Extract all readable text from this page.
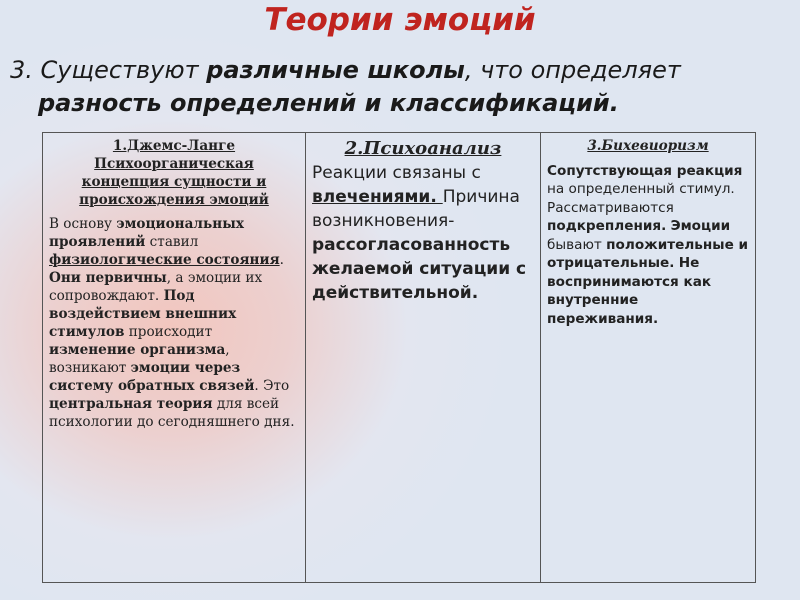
Теории эмоций
3. Существуют различные школы, что определяет
разность определений и классификаций.
1.Джемс-Ланге
Психоорганическая концепция сущности и происхождения эмоций
В основу эмоциональных проявлений ставил физиологические состояния. Они первичны, а эмоции их сопровождают. Под воздействием внешних стимулов происходит изменение организма, возникают эмоции через систему обратных связей. Это центральная теория для всей психологии до сегодняшнего дня.
2.Психоанализ
Реакции связаны с влечениями. Причина возникновения-рассогласованность желаемой ситуации с действительной.
3.Бихевиоризм
Сопутствующая реакция на определенный стимул. Рассматриваются подкрепления. Эмоции бывают положительные и отрицательные. Не воспринимаются как внутренние переживания.
